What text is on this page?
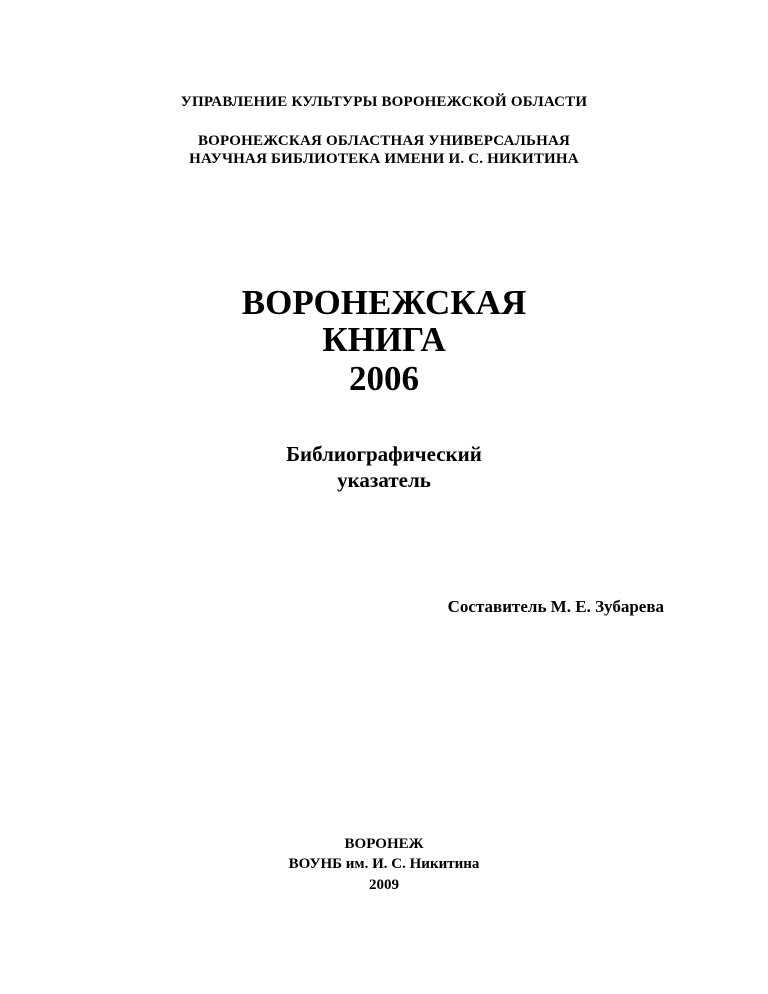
УПРАВЛЕНИЕ КУЛЬТУРЫ ВОРОНЕЖСКОЙ ОБЛАСТИ
ВОРОНЕЖСКАЯ ОБЛАСТНАЯ УНИВЕРСАЛЬНАЯ
НАУЧНАЯ БИБЛИОТЕКА ИМЕНИ И. С. НИКИТИНА
ВОРОНЕЖСКАЯ
КНИГА
2006
Библиографический
указатель
Составитель М. Е. Зубарева
ВОРОНЕЖ
ВОУНБ им. И. С. Никитина
2009
